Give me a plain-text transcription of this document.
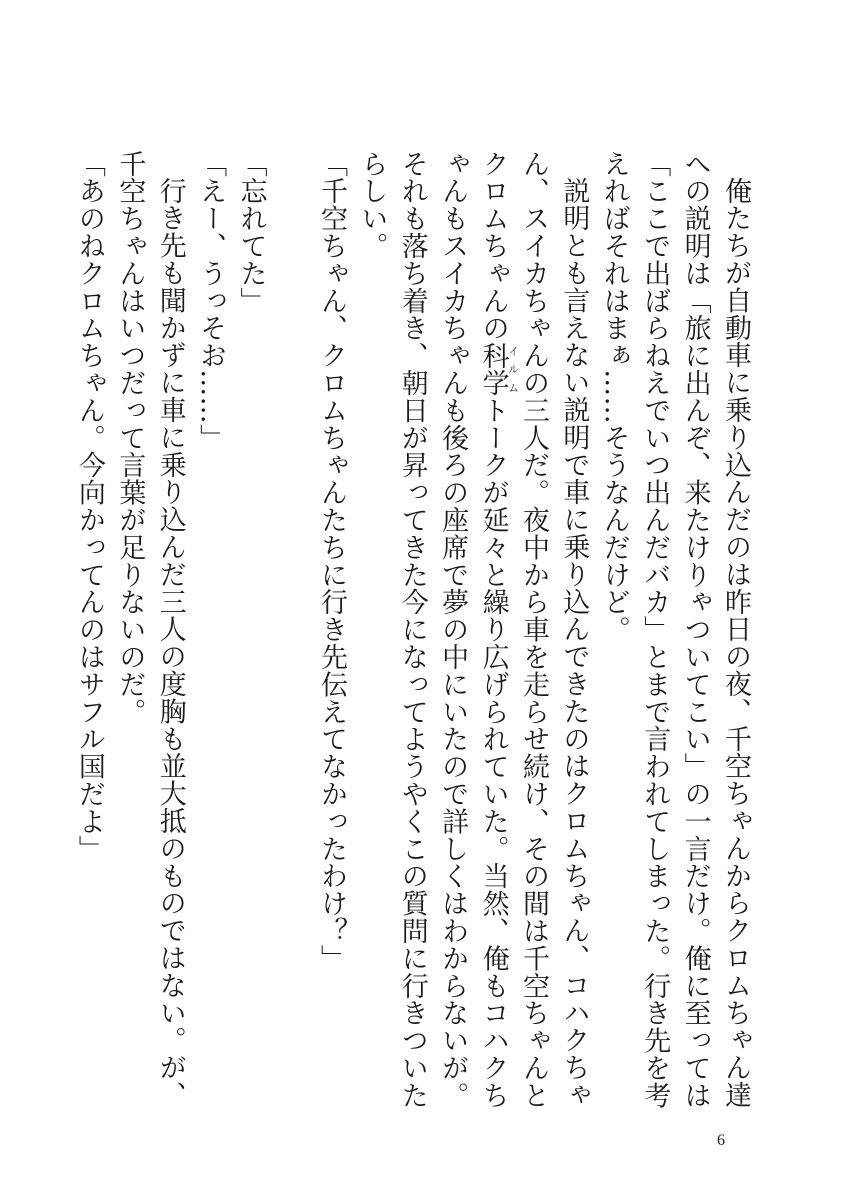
俺たちが自動車に乗り込んだのは昨日の夜、千空ちゃんからクロムちゃん達への説明は「旅に出んぞ、来たけりゃついてこい」の一言だけ。俺に至っては「ここで出ばらねえでいつ出んだバカ」とまで言われてしまった。行き先を考えればそれはまぁ……そうなんだけど。

説明とも言えない説明で車に乗り込んできたのはクロムちゃん、コハクちゃん、スイカちゃんの三人だ。夜中から車を走らせ続け、その間は千空ちゃんとクロムちゃんの科学イルムトークが延々と繰り広げられていた。当然、俺もコハクちゃんもスイカちゃんも後ろの座席で夢の中にいたので詳しくはわからないが。それも落ち着き、朝日が昇ってきた今になってようやくこの質問に行きついたらしい。

「千空ちゃん、クロムちゃんたちに行き先伝えてなかったわけ？」

「忘れてた」

「えー、うっそお……」

行き先も聞かずに車に乗り込んだ三人の度胸も並大抵のものではない。が、千空ちゃんはいつだって言葉が足りないのだ。

「あのねクロムちゃん。今向かってんのはサフル国だよ」

6
